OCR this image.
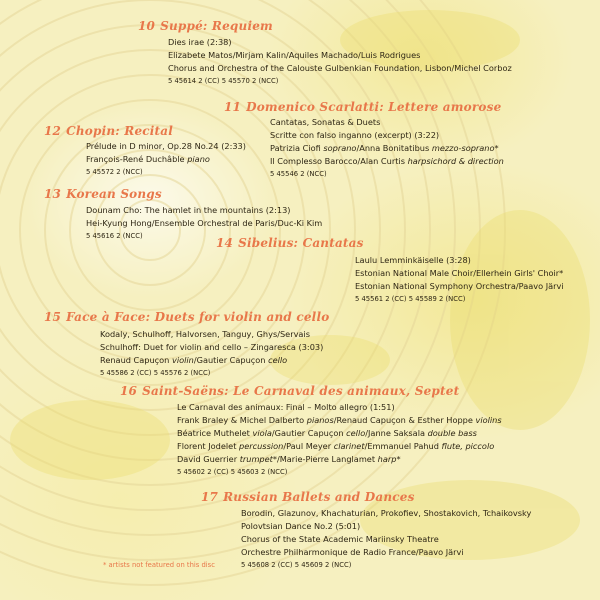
10 Suppé: Requiem
Dies irae (2:38)
Elizabete Matos/Mirjam Kalin/Aquiles Machado/Luis Rodrigues
Chorus and Orchestra of the Calouste Gulbenkian Foundation, Lisbon/Michel Corboz
5 45614 2 (CC) 5 45570 2 (NCC)
11 Domenico Scarlatti: Lettere amorose
Cantatas, Sonatas & Duets
Scritte con falso inganno (excerpt) (3:22)
Patrizia Ciofi soprano/Anna Bonitatibus mezzo-soprano*
Il Complesso Barocco/Alan Curtis harpsichord & direction
5 45546 2 (NCC)
12 Chopin: Recital
Prélude in D minor, Op.28 No.24 (2:33)
François-René Duchâble piano
5 45572 2 (NCC)
13 Korean Songs
Dounam Cho: The hamlet in the mountains (2:13)
Hei-Kyung Hong/Ensemble Orchestral de Paris/Duc-Ki Kim
5 45616 2 (NCC)	14 Sibelius: Cantatas
Laulu Lemminkäiselle (3:28)
Estonian National Male Choir/Ellerhein Girls' Choir*
Estonian National Symphony Orchestra/Paavo Järvi
5 45561 2 (CC) 5 45589 2 (NCC)
15 Face à Face: Duets for violin and cello
Kodaly, Schulhoff, Halvorsen, Tanguy, Ghys/Servais
Schulhoff: Duet for violin and cello – Zingaresca (3:03)
Renaud Capuçon violin/Gautier Capuçon cello
5 45586 2 (CC) 5 45576 2 (NCC)
16 Saint-Saëns: Le Carnaval des animaux, Septet
Le Carnaval des animaux: Final – Molto allegro (1:51)
Frank Braley & Michel Dalberto pianos/Renaud Capuçon & Esther Hoppe violins
Béatrice Muthelet viola/Gautier Capuçon cello/Janne Saksala double bass
Florent Jodelet percussion/Paul Meyer clarinet/Emmanuel Pahud flute, piccolo
David Guerrier trumpet*/Marie-Pierre Langlamet harp*
5 45602 2 (CC) 5 45603 2 (NCC)
17 Russian Ballets and Dances
Borodin, Glazunov, Khachaturian, Prokofiev, Shostakovich, Tchaikovsky
Polovtsian Dance No.2 (5:01)
Chorus of the State Academic Mariinsky Theatre
Orchestre Philharmonique de Radio France/Paavo Järvi
5 45608 2 (CC) 5 45609 2 (NCC)
* artists not featured on this disc
